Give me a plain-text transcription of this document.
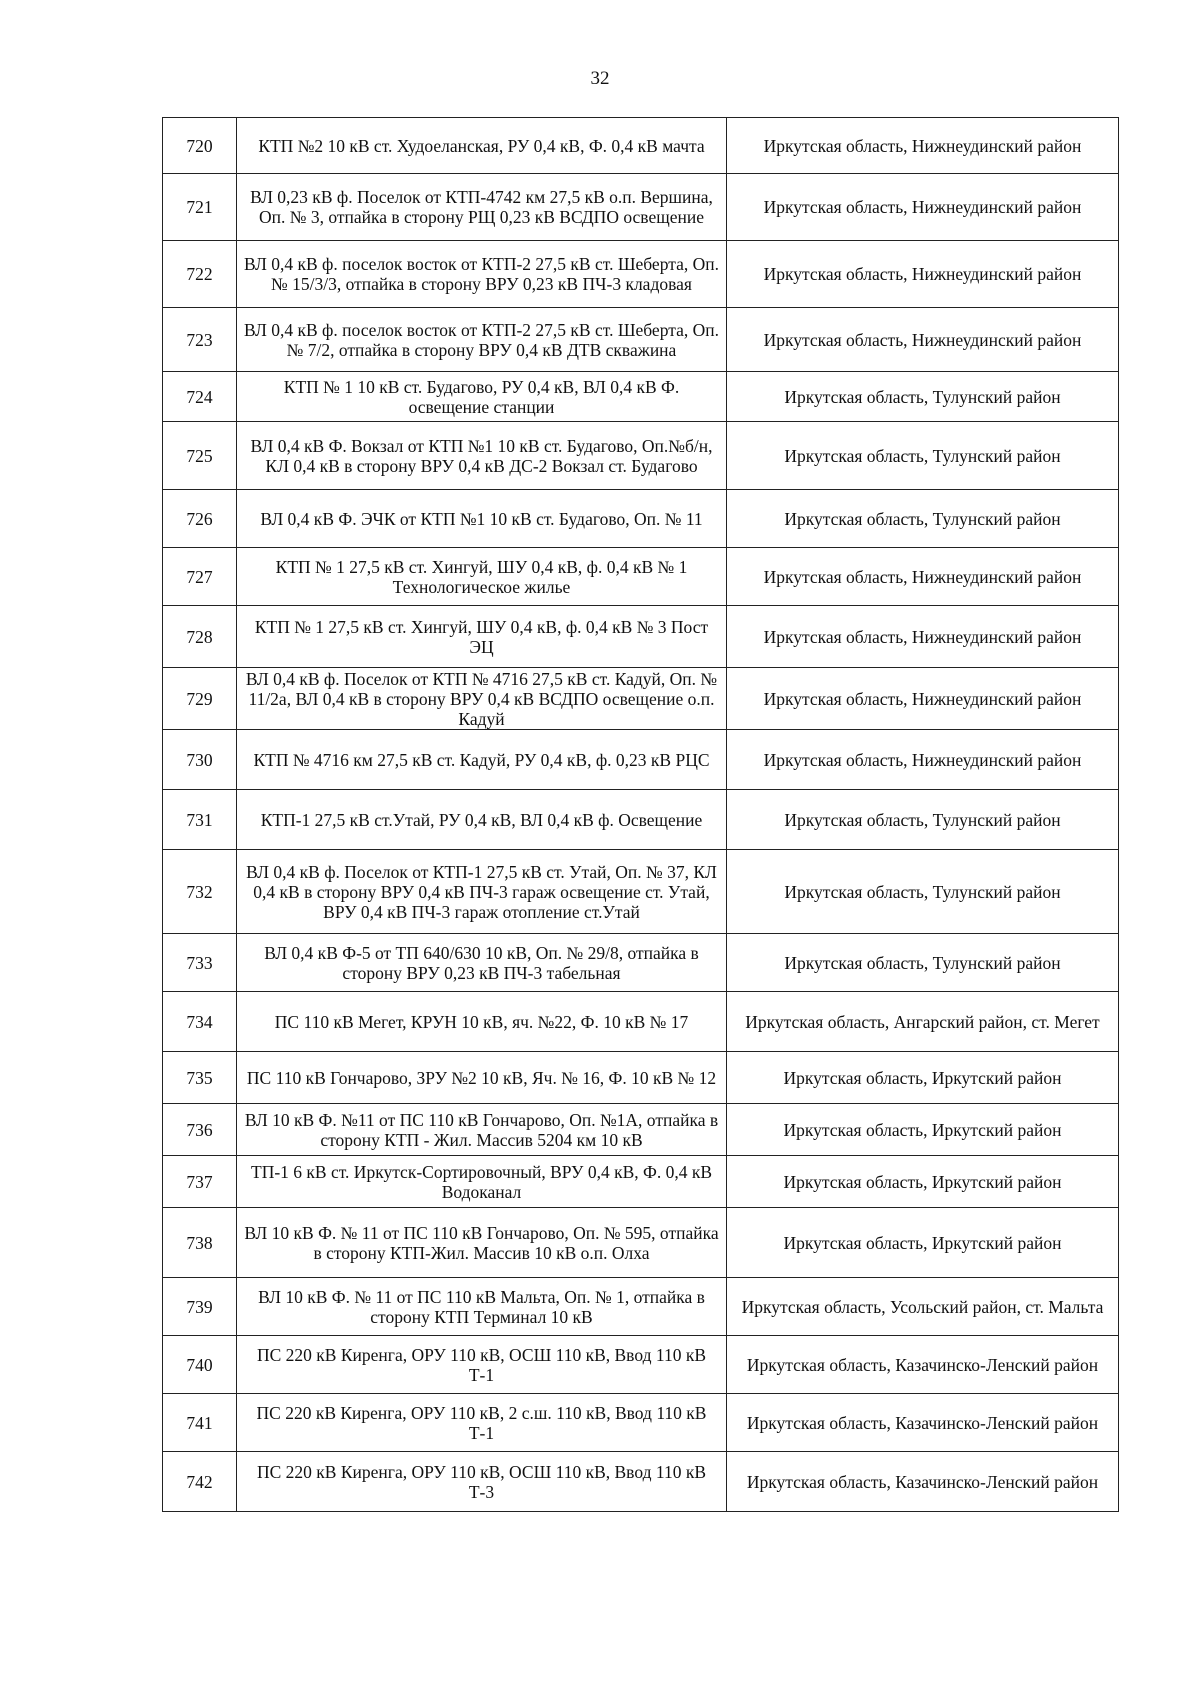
32
720	КТП №2 10 кВ ст. Худоеланская, РУ 0,4 кВ, Ф. 0,4 кВ мачта	Иркутская область, Нижнеудинский район
721	ВЛ 0,23 кВ ф. Поселок от КТП-4742 км 27,5 кВ о.п. Вершина, Оп. № 3, отпайка в сторону РЩ 0,23 кВ ВСДПО освещение	Иркутская область, Нижнеудинский район
722	ВЛ 0,4 кВ ф. поселок восток от КТП-2 27,5 кВ ст. Шеберта, Оп. № 15/3/3, отпайка в сторону ВРУ 0,23 кВ ПЧ-3 кладовая	Иркутская область, Нижнеудинский район
723	ВЛ 0,4 кВ ф. поселок восток от КТП-2 27,5 кВ ст. Шеберта, Оп. № 7/2, отпайка в сторону ВРУ 0,4 кВ ДТВ скважина	Иркутская область, Нижнеудинский район
724	КТП № 1 10 кВ ст. Будагово, РУ 0,4 кВ, ВЛ 0,4 кВ Ф. освещение станции	Иркутская область, Тулунский район
725	ВЛ 0,4 кВ Ф. Вокзал от КТП №1 10 кВ ст. Будагово, Оп.№б/н, КЛ 0,4 кВ в сторону ВРУ 0,4 кВ ДС-2 Вокзал ст. Будагово	Иркутская область, Тулунский район
726	ВЛ 0,4 кВ Ф. ЭЧК от КТП №1 10 кВ ст. Будагово, Оп. № 11	Иркутская область, Тулунский район
727	КТП № 1 27,5 кВ ст. Хингуй, ШУ 0,4 кВ, ф. 0,4 кВ № 1 Технологическое жилье	Иркутская область, Нижнеудинский район
728	КТП № 1 27,5 кВ ст. Хингуй, ШУ 0,4 кВ, ф. 0,4 кВ № 3 Пост ЭЦ	Иркутская область, Нижнеудинский район
729	ВЛ 0,4 кВ ф. Поселок от КТП № 4716 27,5 кВ ст. Кадуй, Оп. № 11/2а, ВЛ 0,4 кВ в сторону ВРУ 0,4 кВ ВСДПО освещение о.п. Кадуй	Иркутская область, Нижнеудинский район
730	КТП № 4716 км 27,5 кВ ст. Кадуй, РУ 0,4 кВ, ф. 0,23 кВ РЦС	Иркутская область, Нижнеудинский район
731	КТП-1 27,5 кВ ст.Утай, РУ 0,4 кВ, ВЛ 0,4 кВ ф. Освещение	Иркутская область, Тулунский район
732	ВЛ 0,4 кВ ф. Поселок от КТП-1 27,5 кВ ст. Утай, Оп. № 37, КЛ 0,4 кВ в сторону ВРУ 0,4 кВ ПЧ-3 гараж освещение ст. Утай, ВРУ 0,4 кВ ПЧ-3 гараж отопление ст.Утай	Иркутская область, Тулунский район
733	ВЛ 0,4 кВ Ф-5 от ТП 640/630 10 кВ, Оп. № 29/8, отпайка в сторону ВРУ 0,23 кВ ПЧ-3 табельная	Иркутская область, Тулунский район
734	ПС 110 кВ Мегет, КРУН 10 кВ, яч. №22, Ф. 10 кВ № 17	Иркутская область, Ангарский район, ст. Мегет
735	ПС 110 кВ Гончарово, ЗРУ №2 10 кВ, Яч. № 16, Ф. 10 кВ № 12	Иркутская область, Иркутский район
736	ВЛ 10 кВ Ф. №11 от ПС 110 кВ Гончарово, Оп. №1А, отпайка в сторону КТП - Жил. Массив 5204 км 10 кВ	Иркутская область, Иркутский район
737	ТП-1 6 кВ ст. Иркутск-Сортировочный, ВРУ 0,4 кВ, Ф. 0,4 кВ Водоканал	Иркутская область, Иркутский район
738	ВЛ 10 кВ Ф. № 11 от ПС 110 кВ Гончарово, Оп. № 595, отпайка в сторону КТП-Жил. Массив 10 кВ о.п. Олха	Иркутская область, Иркутский район
739	ВЛ 10 кВ Ф. № 11 от ПС 110 кВ Мальта, Оп. № 1, отпайка в сторону КТП Терминал 10 кВ	Иркутская область, Усольский район, ст. Мальта
740	ПС 220 кВ Киренга, ОРУ 110 кВ, ОСШ 110 кВ, Ввод 110 кВ Т-1	Иркутская область, Казачинско-Ленский район
741	ПС 220 кВ Киренга, ОРУ 110 кВ, 2 с.ш. 110 кВ, Ввод 110 кВ Т-1	Иркутская область, Казачинско-Ленский район
742	ПС 220 кВ Киренга, ОРУ 110 кВ, ОСШ 110 кВ, Ввод 110 кВ Т-3	Иркутская область, Казачинско-Ленский район
